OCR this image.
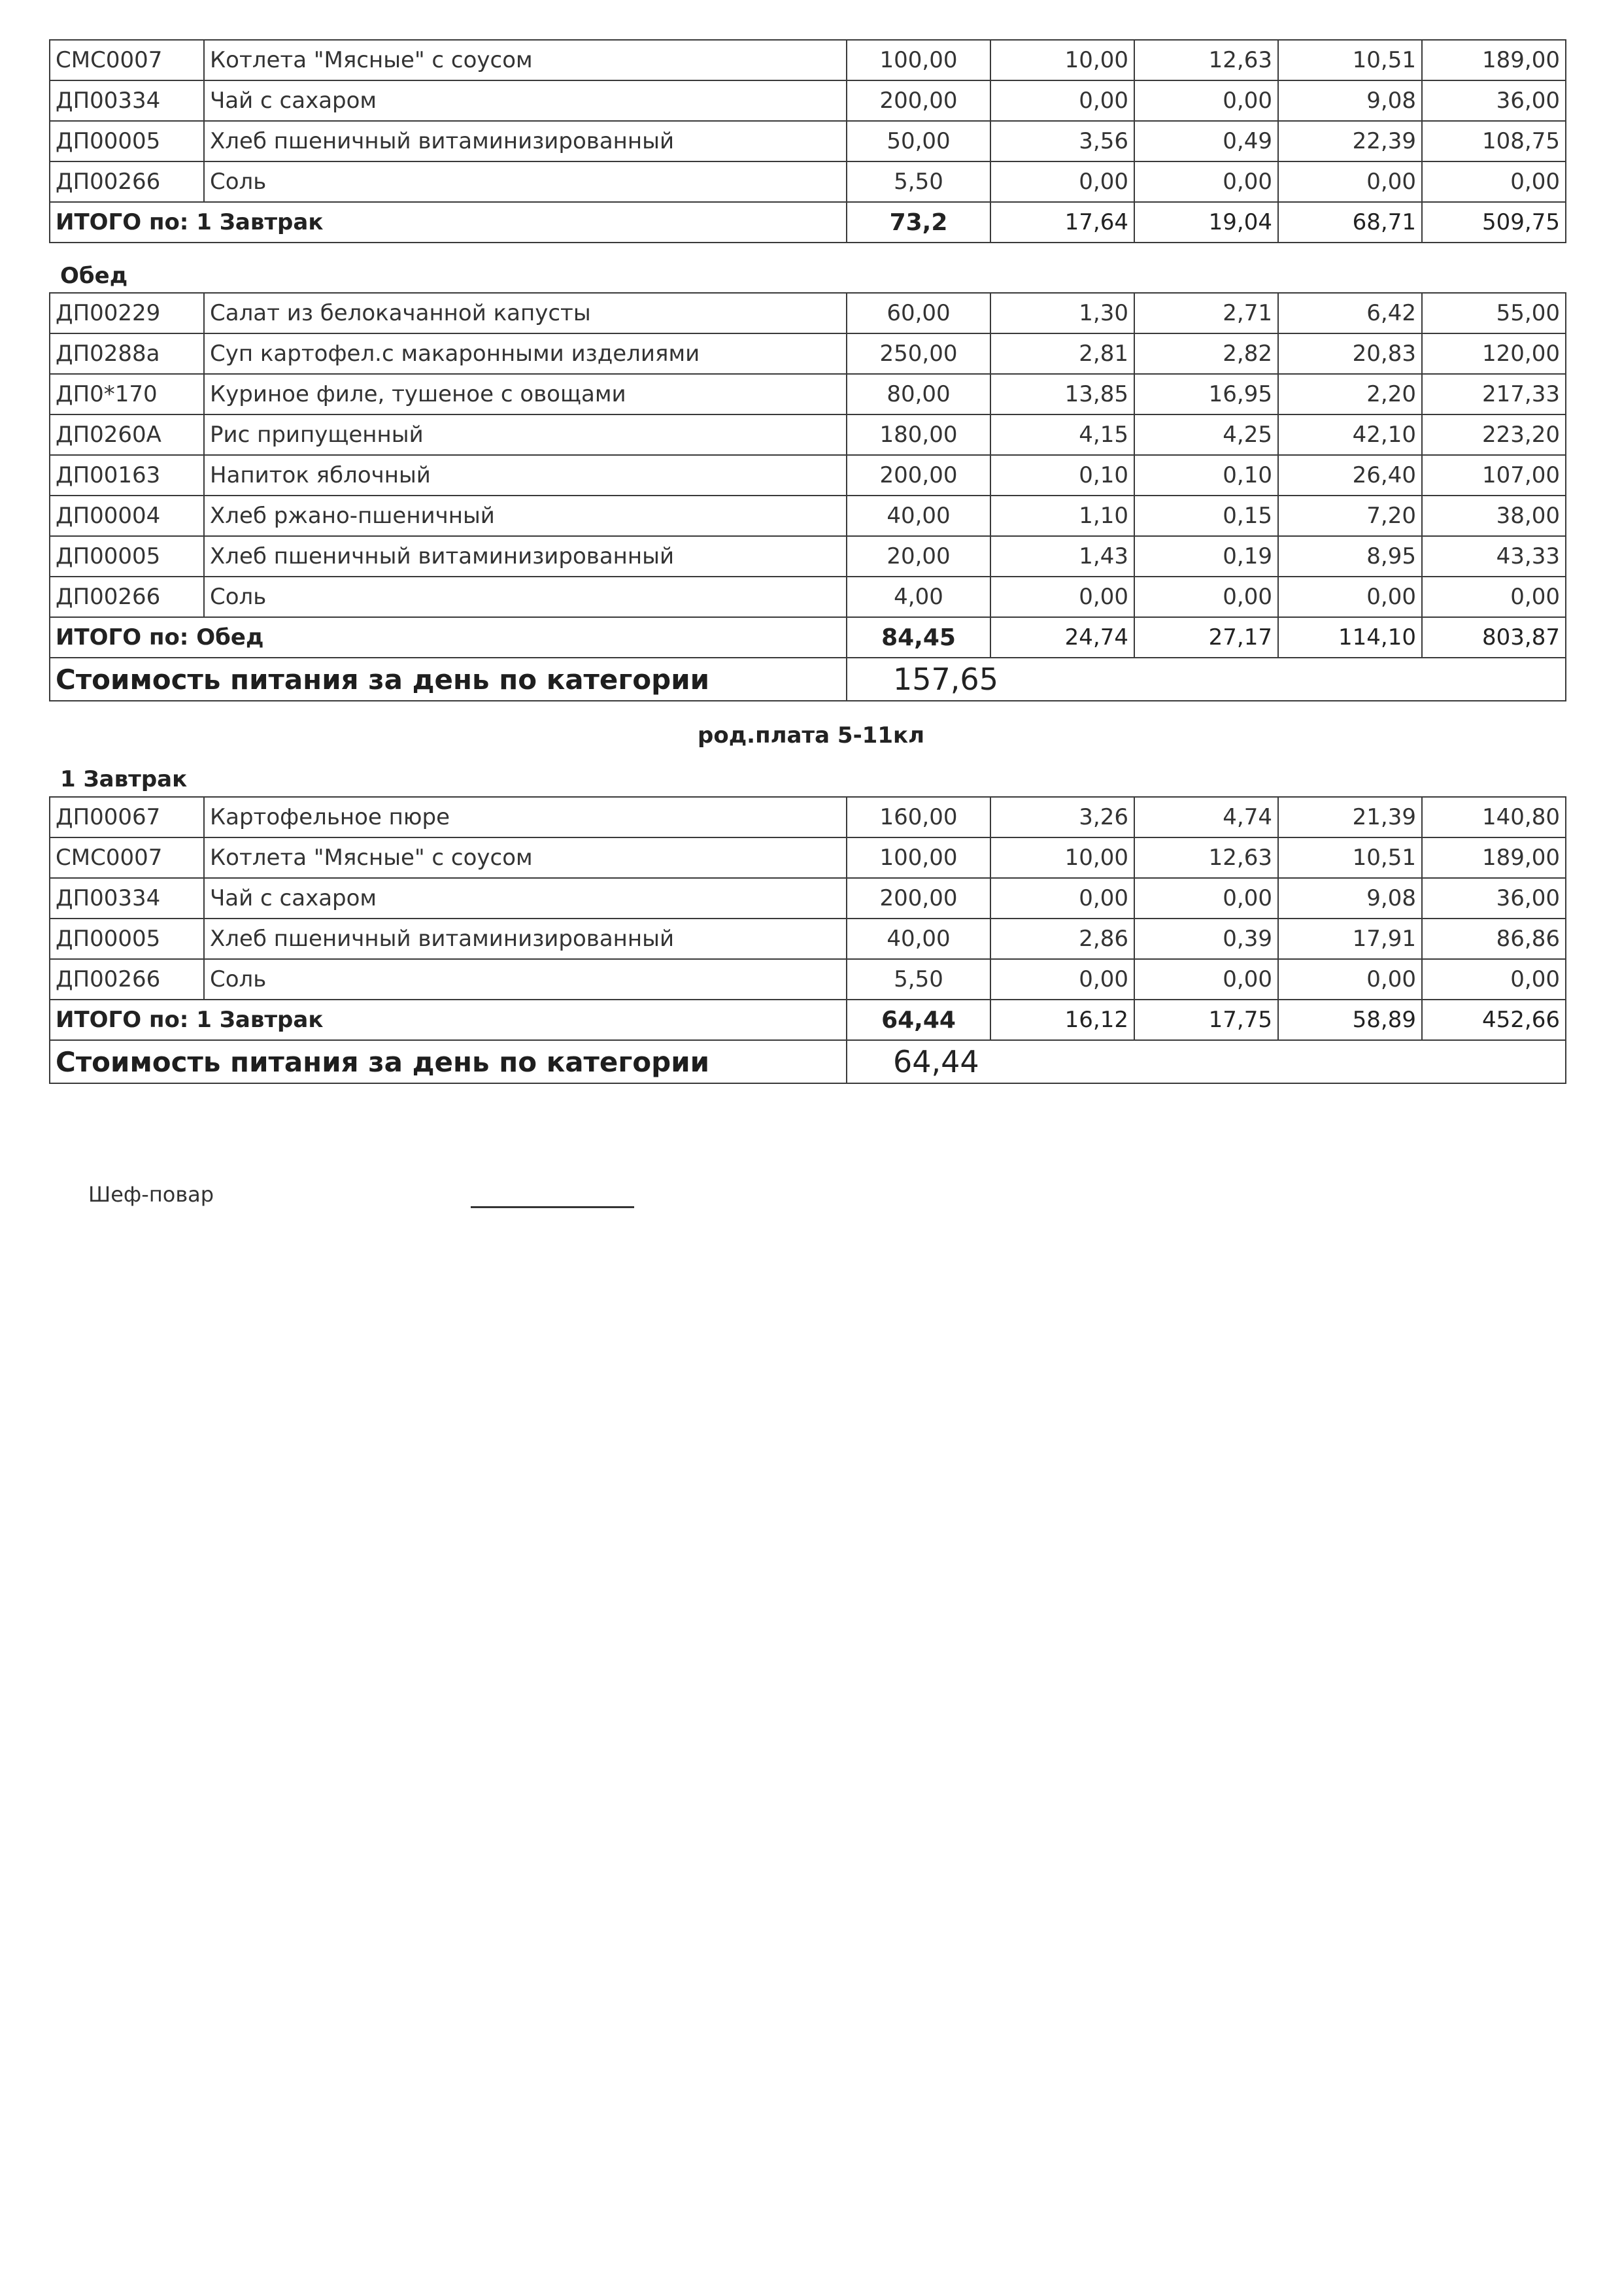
СМС0007	Котлета "Мясные" с соусом	100,00	10,00	12,63	10,51	189,00
ДП00334	Чай с сахаром	200,00	0,00	0,00	9,08	36,00
ДП00005	Хлеб пшеничный витаминизированный	50,00	3,56	0,49	22,39	108,75
ДП00266	Соль	5,50	0,00	0,00	0,00	0,00
ИТОГО по: 1 Завтрак		73,2	17,64	19,04	68,71	509,75
Обед
ДП00229	Салат из белокачанной капусты	60,00	1,30	2,71	6,42	55,00
ДП0288а	Суп картофел.с макаронными изделиями	250,00	2,81	2,82	20,83	120,00
ДП0*170	Куриное филе, тушеное с овощами	80,00	13,85	16,95	2,20	217,33
ДП0260А	Рис припущенный	180,00	4,15	4,25	42,10	223,20
ДП00163	Напиток яблочный	200,00	0,10	0,10	26,40	107,00
ДП00004	Хлеб ржано-пшеничный	40,00	1,10	0,15	7,20	38,00
ДП00005	Хлеб пшеничный витаминизированный	20,00	1,43	0,19	8,95	43,33
ДП00266	Соль	4,00	0,00	0,00	0,00	0,00
ИТОГО по: Обед		84,45	24,74	27,17	114,10	803,87
Стоимость питания за день по категории		157,65				
род.плата 5-11кл
1 Завтрак
ДП00067	Картофельное пюре	160,00	3,26	4,74	21,39	140,80
СМС0007	Котлета "Мясные" с соусом	100,00	10,00	12,63	10,51	189,00
ДП00334	Чай с сахаром	200,00	0,00	0,00	9,08	36,00
ДП00005	Хлеб пшеничный витаминизированный	40,00	2,86	0,39	17,91	86,86
ДП00266	Соль	5,50	0,00	0,00	0,00	0,00
ИТОГО по: 1 Завтрак		64,44	16,12	17,75	58,89	452,66
Стоимость питания за день по категории		64,44				
Шеф-повар
